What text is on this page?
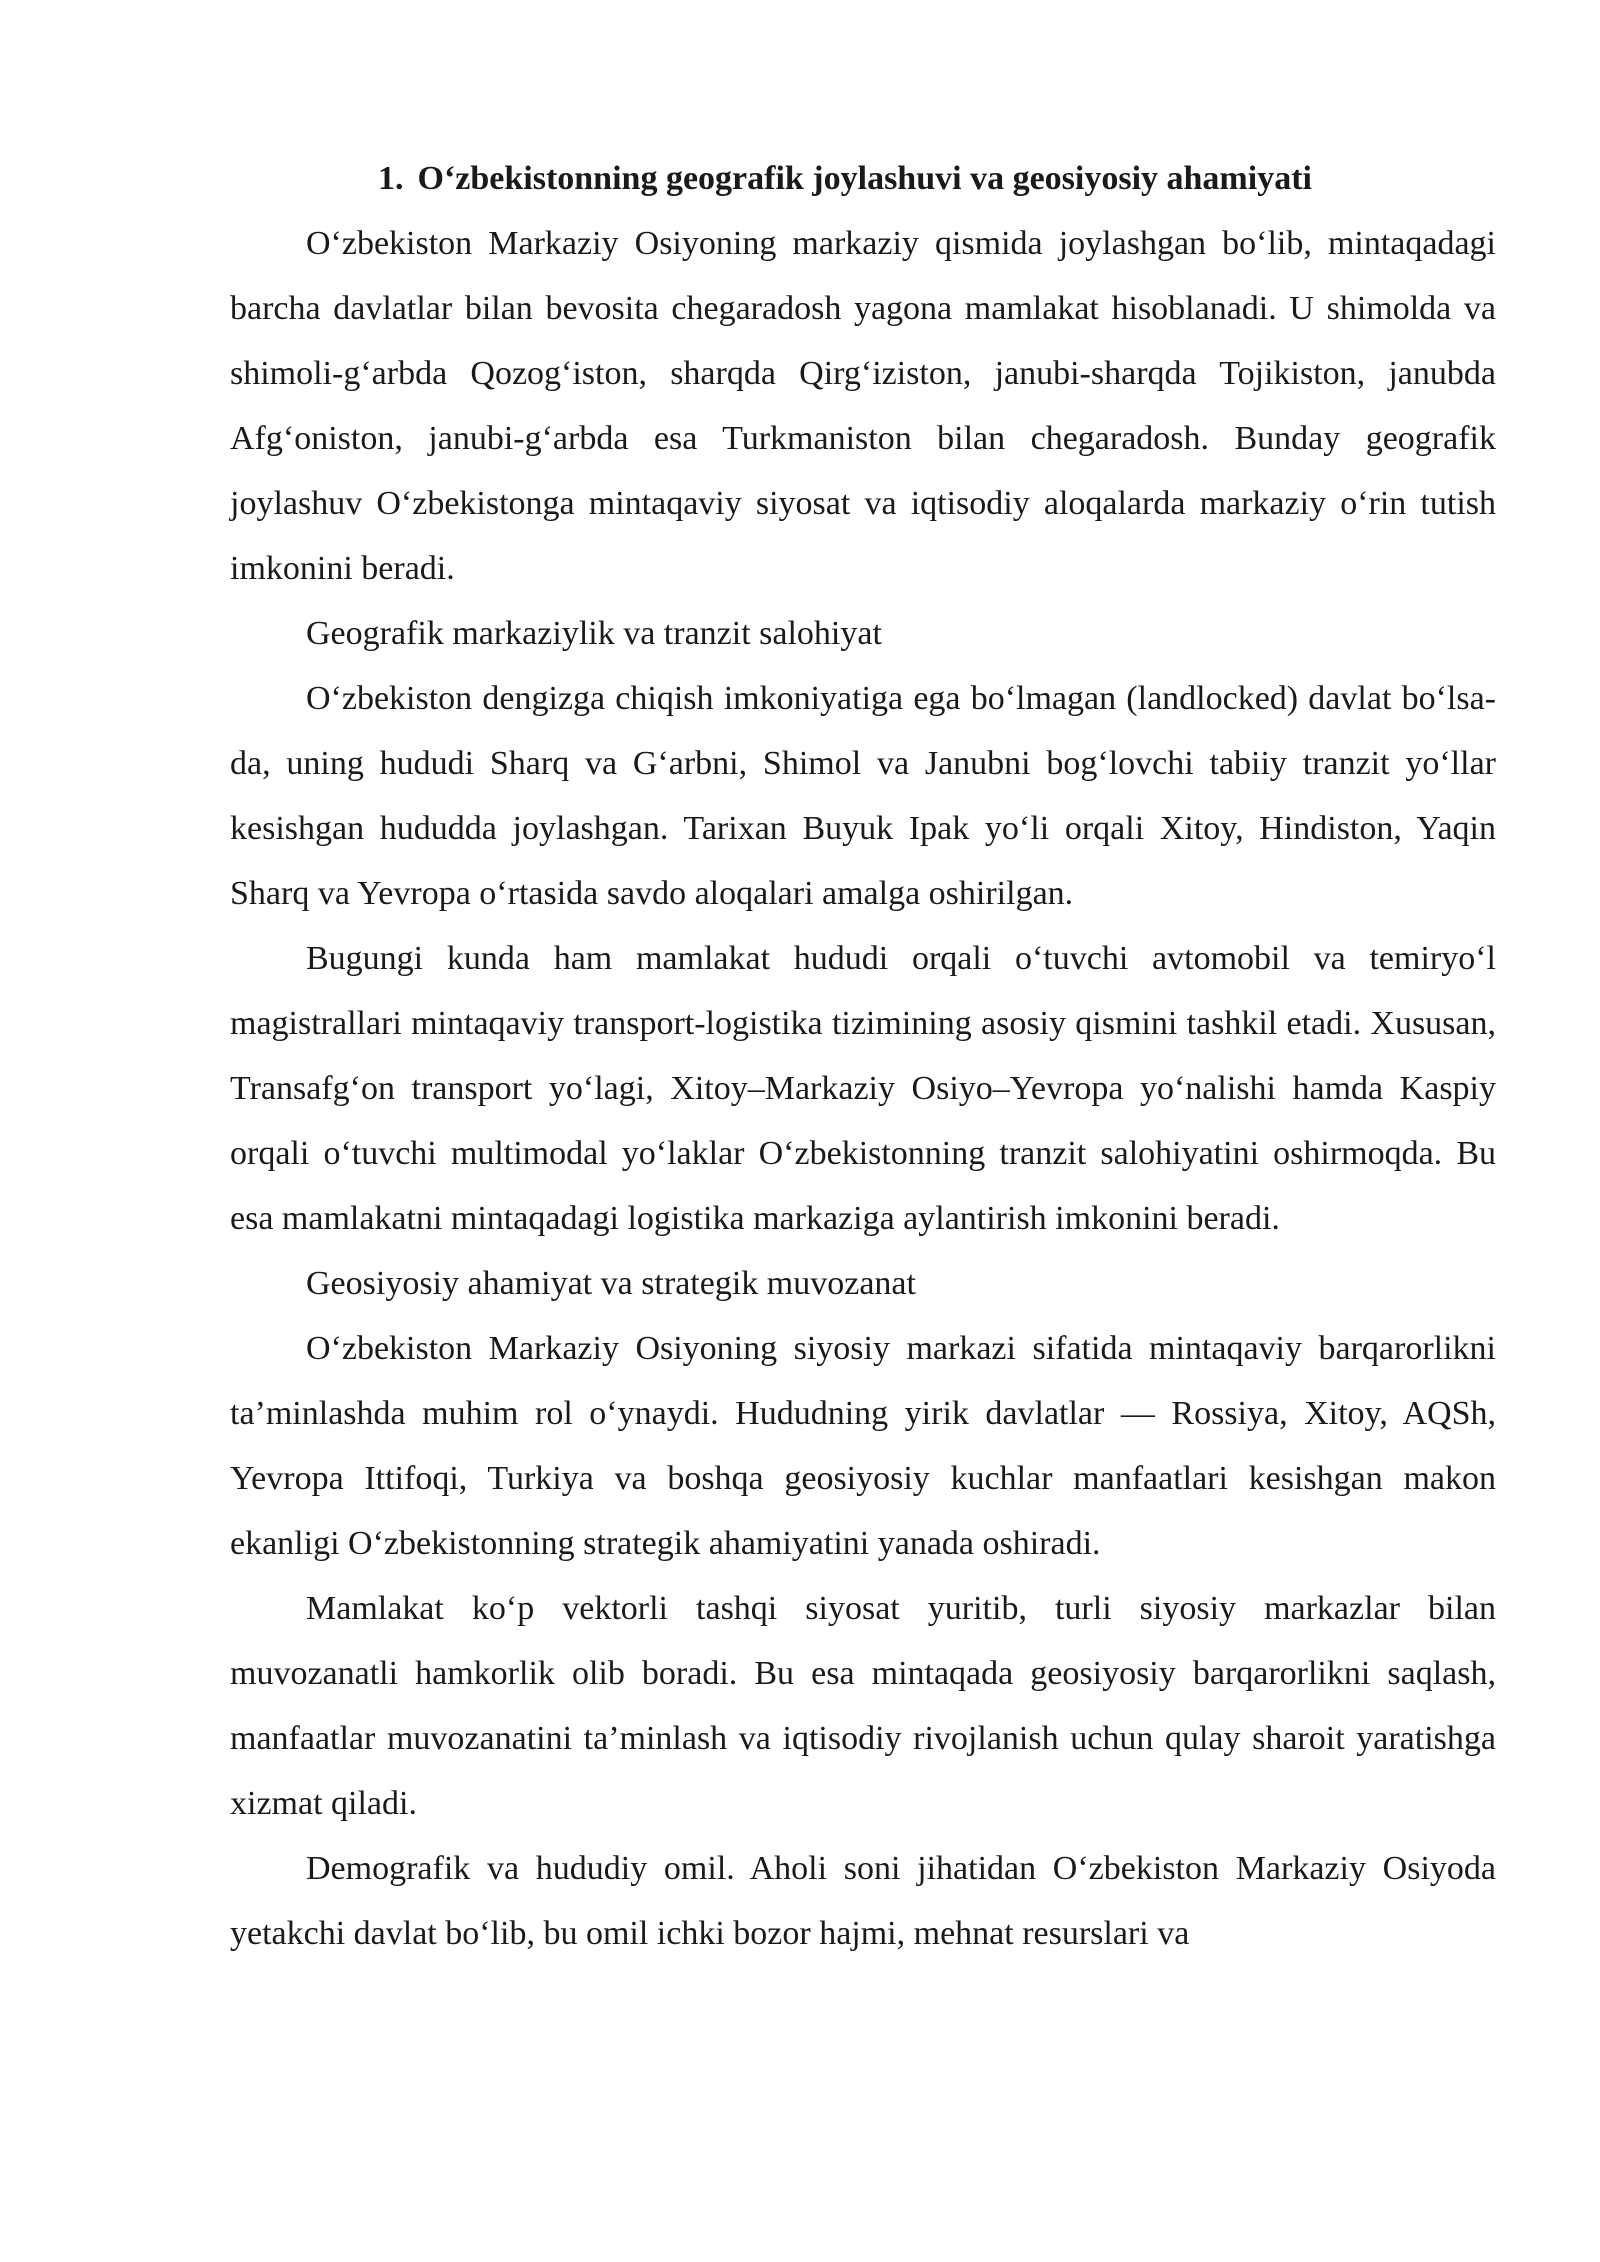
1. O‘zbekistonning geografik joylashuvi va geosiyosiy ahamiyati

O‘zbekiston Markaziy Osiyoning markaziy qismida joylashgan bo‘lib, mintaqadagi barcha davlatlar bilan bevosita chegaradosh yagona mamlakat hisoblanadi. U shimolda va shimoli-g‘arbda Qozog‘iston, sharqda Qirg‘iziston, janubi-sharqda Tojikiston, janubda Afg‘oniston, janubi-g‘arbda esa Turkmaniston bilan chegaradosh. Bunday geografik joylashuv O‘zbekistonga mintaqaviy siyosat va iqtisodiy aloqalarda markaziy o‘rin tutish imkonini beradi.

Geografik markaziylik va tranzit salohiyat

O‘zbekiston dengizga chiqish imkoniyatiga ega bo‘lmagan (landlocked) davlat bo‘lsa-da, uning hududi Sharq va G‘arbni, Shimol va Janubni bog‘lovchi tabiiy tranzit yo‘llar kesishgan hududda joylashgan. Tarixan Buyuk Ipak yo‘li orqali Xitoy, Hindiston, Yaqin Sharq va Yevropa o‘rtasida savdo aloqalari amalga oshirilgan.

Bugungi kunda ham mamlakat hududi orqali o‘tuvchi avtomobil va temiryo‘l magistrallari mintaqaviy transport-logistika tizimining asosiy qismini tashkil etadi. Xususan, Transafg‘on transport yo‘lagi, Xitoy–Markaziy Osiyo–Yevropa yo‘nalishi hamda Kaspiy orqali o‘tuvchi multimodal yo‘laklar O‘zbekistonning tranzit salohiyatini oshirmoqda. Bu esa mamlakatni mintaqadagi logistika markaziga aylantirish imkonini beradi.

Geosiyosiy ahamiyat va strategik muvozanat

O‘zbekiston Markaziy Osiyoning siyosiy markazi sifatida mintaqaviy barqarorlikni ta’minlashda muhim rol o‘ynaydi. Hududning yirik davlatlar — Rossiya, Xitoy, AQSh, Yevropa Ittifoqi, Turkiya va boshqa geosiyosiy kuchlar manfaatlari kesishgan makon ekanligi O‘zbekistonning strategik ahamiyatini yanada oshiradi.

Mamlakat ko‘p vektorli tashqi siyosat yuritib, turli siyosiy markazlar bilan muvozanatli hamkorlik olib boradi. Bu esa mintaqada geosiyosiy barqarorlikni saqlash, manfaatlar muvozanatini ta’minlash va iqtisodiy rivojlanish uchun qulay sharoit yaratishga xizmat qiladi.

Demografik va hududiy omil. Aholi soni jihatidan O‘zbekiston Markaziy Osiyoda yetakchi davlat bo‘lib, bu omil ichki bozor hajmi, mehnat resurslari va
